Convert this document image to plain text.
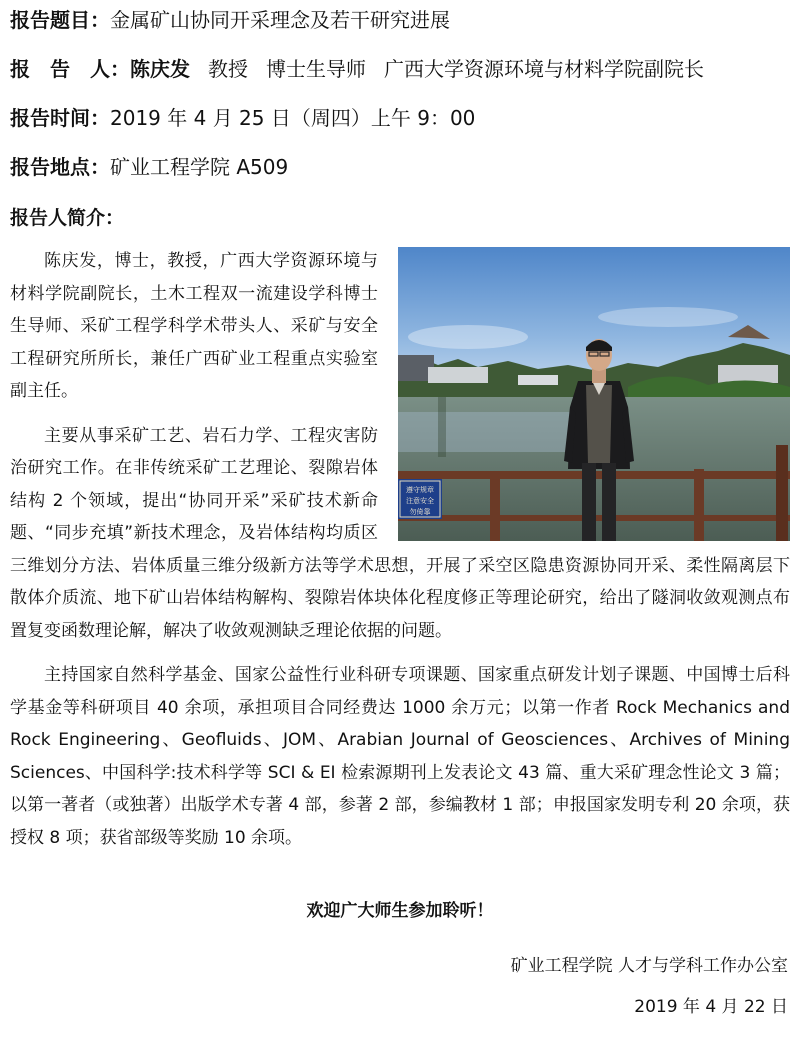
报告题目：金属矿山协同开采理念及若干研究进展
报　告　人：陈庆发 教授 博士生导师 广西大学资源环境与材料学院副院长
报告时间：2019 年 4 月 25 日（周四）上午 9：00
报告地点：矿业工程学院 A509
报告人简介：
遵守规章
注意安全
勿倚靠

陈庆发，博士，教授，广西大学资源环境与材料学院副院长，土木工程双一流建设学科博士生导师、采矿工程学科学术带头人、采矿与安全工程研究所所长，兼任广西矿业工程重点实验室副主任。

主要从事采矿工艺、岩石力学、工程灾害防治研究工作。在非传统采矿工艺理论、裂隙岩体结构 2 个领域，提出“协同开采”采矿技术新命题、“同步充填”新技术理念，及岩体结构均质区三维划分方法、岩体质量三维分级新方法等学术思想，开展了采空区隐患资源协同开采、柔性隔离层下散体介质流、地下矿山岩体结构解构、裂隙岩体块体化程度修正等理论研究，给出了隧洞收敛观测点布置复变函数理论解，解决了收敛观测缺乏理论依据的问题。

主持国家自然科学基金、国家公益性行业科研专项课题、国家重点研发计划子课题、中国博士后科学基金等科研项目 40 余项，承担项目合同经费达 1000 余万元；以第一作者 Rock Mechanics and Rock Engineering、Geofluids、JOM、Arabian Journal of Geosciences、Archives of Mining Sciences、中国科学:技术科学等 SCI & EI 检索源期刊上发表论文 43 篇、重大采矿理念性论文 3 篇；以第一著者（或独著）出版学术专著 4 部，参著 2 部，参编教材 1 部；申报国家发明专利 20 余项，获授权 8 项；获省部级等奖励 10 余项。

欢迎广大师生参加聆听！
矿业工程学院 人才与学科工作办公室
2019 年 4 月 22 日
